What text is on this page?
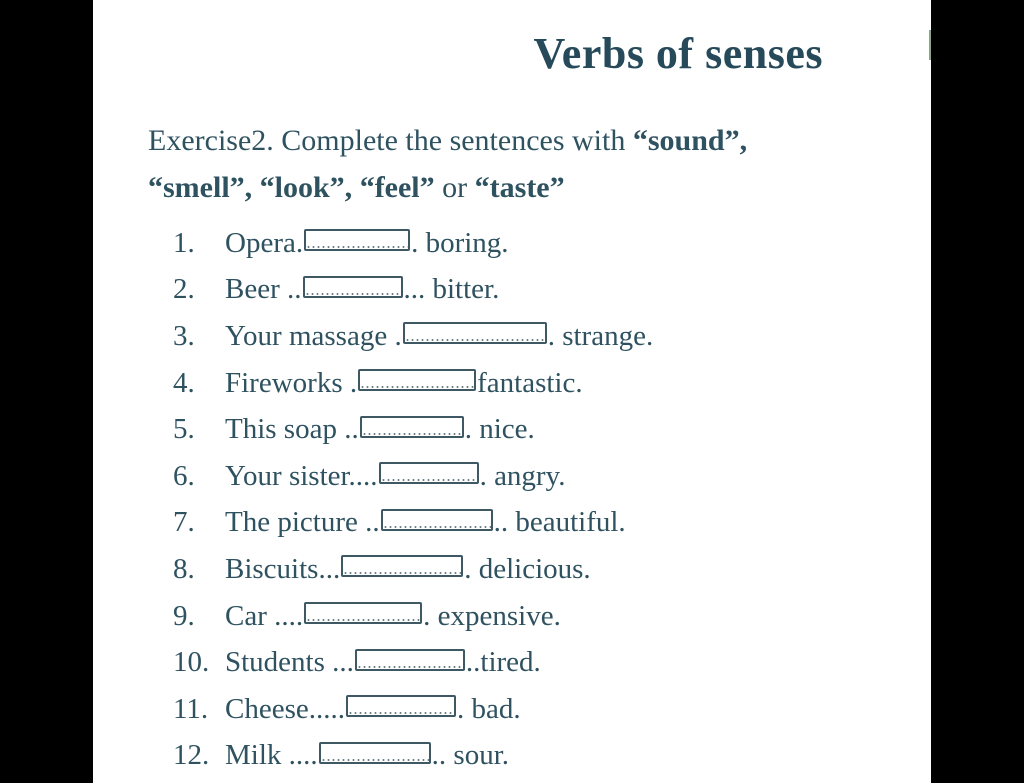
Verbs of senses
Exercise2. Complete the sentences with “sound”,
“smell”, “look”, “feel” or “taste”
1.	Opera.	. boring.
2.	Beer ..	... bitter.
3.	Your massage .	. strange.
4.	Fireworks .	fantastic.
5.	This soap ..	. nice.
6.	Your sister....	. angry.
7.	The picture ..	.. beautiful.
8.	Biscuits...	. delicious.
9.	Car ....	. expensive.
10. Students ...	..tired.
11. Cheese.....	. bad.
12. Milk ....	.. sour.
